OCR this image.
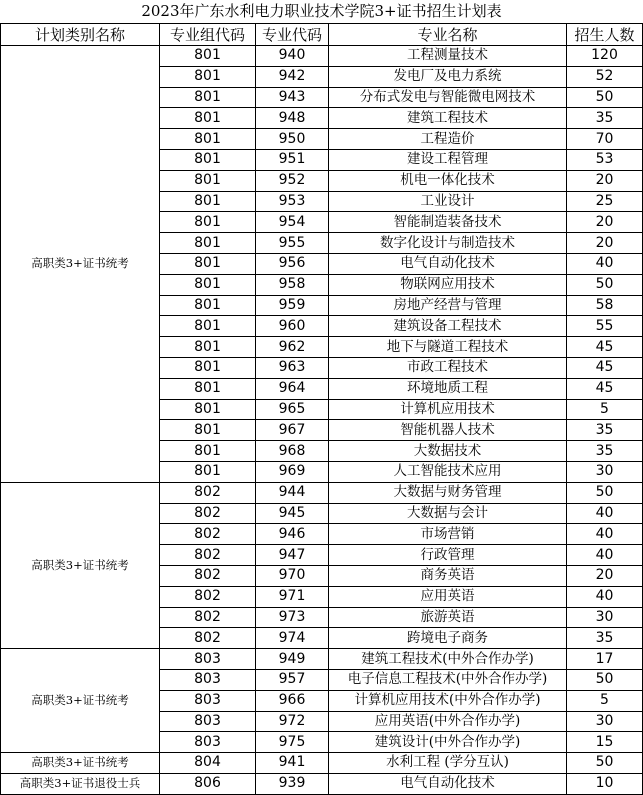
2023年广东水利电力职业技术学院3+证书招生计划表
计划类别名称	专业组代码	专业代码	专业名称	招生人数
高职类3+证书统考	801	940	工程测量技术	120
	801	942	发电厂及电力系统	52
	801	943	分布式发电与智能微电网技术	50
	801	948	建筑工程技术	35
	801	950	工程造价	70
	801	951	建设工程管理	53
	801	952	机电一体化技术	20
	801	953	工业设计	25
	801	954	智能制造装备技术	20
	801	955	数字化设计与制造技术	20
	801	956	电气自动化技术	40
	801	958	物联网应用技术	50
	801	959	房地产经营与管理	58
	801	960	建筑设备工程技术	55
	801	962	地下与隧道工程技术	45
	801	963	市政工程技术	45
	801	964	环境地质工程	45
	801	965	计算机应用技术	5
	801	967	智能机器人技术	35
	801	968	大数据技术	35
	801	969	人工智能技术应用	30
高职类3+证书统考	802	944	大数据与财务管理	50
	802	945	大数据与会计	40
	802	946	市场营销	40
	802	947	行政管理	40
	802	970	商务英语	20
	802	971	应用英语	40
	802	973	旅游英语	30
	802	974	跨境电子商务	35
高职类3+证书统考	803	949	建筑工程技术(中外合作办学)	17
	803	957	电子信息工程技术(中外合作办学)	50
	803	966	计算机应用技术(中外合作办学)	5
	803	972	应用英语(中外合作办学)	30
	803	975	建筑设计(中外合作办学)	15
高职类3+证书统考	804	941	水利工程 (学分互认)	50
高职类3+证书退役士兵	806	939	电气自动化技术	10
